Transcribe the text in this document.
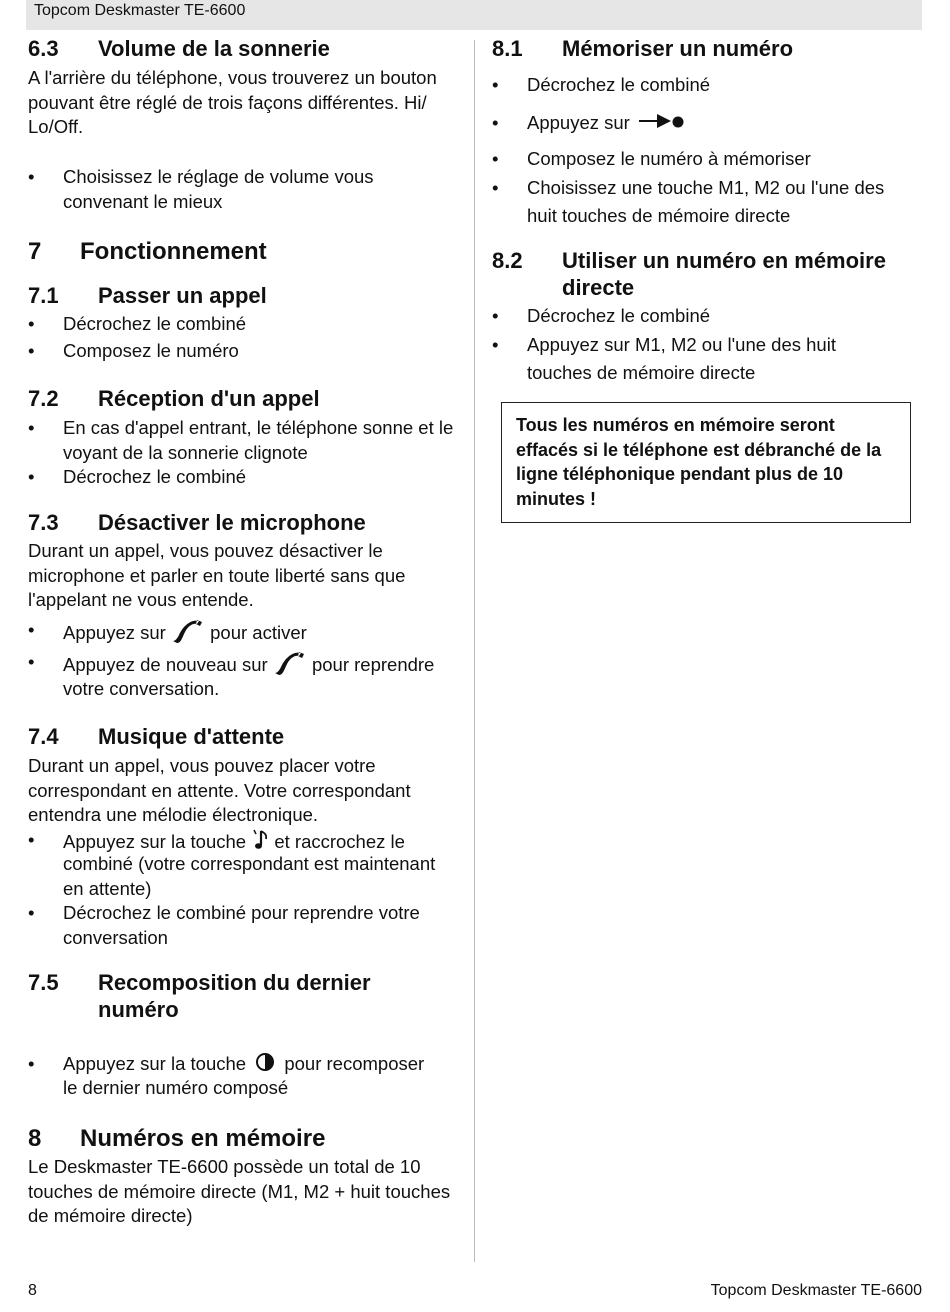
Topcom Deskmaster TE-6600
6.3 Volume de la sonnerie
A l'arrière du téléphone, vous trouverez un bouton pouvant être réglé de trois façons différentes. Hi/ Lo/Off.
• Choisissez le réglage de volume vous convenant le mieux
7 Fonctionnement
7.1 Passer un appel
• Décrochez le combiné
• Composez le numéro
7.2 Réception d'un appel
• En cas d'appel entrant, le téléphone sonne et le voyant de la sonnerie clignote
• Décrochez le combiné
7.3 Désactiver le microphone
Durant un appel, vous pouvez désactiver le microphone et parler en toute liberté sans que l'appelant ne vous entende.
• Appuyez sur pour activer
• Appuyez de nouveau sur pour reprendre
votre conversation.
7.4 Musique d'attente
Durant un appel, vous pouvez placer votre correspondant en attente. Votre correspondant entendra une mélodie électronique.
• Appuyez sur la touche et raccrochez le
combiné (votre correspondant est maintenant en attente)
• Décrochez le combiné pour reprendre votre conversation
7.5 Recomposition du dernier
numéro
• Appuyez sur la touche pour recomposer
le dernier numéro composé
8 Numéros en mémoire
Le Deskmaster TE-6600 possède un total de 10 touches de mémoire directe (M1, M2 + huit touches de mémoire directe)
8.1 Mémoriser un numéro
• Décrochez le combiné
• Appuyez sur
• Composez le numéro à mémoriser
• Choisissez une touche M1, M2 ou l'une des huit touches de mémoire directe
8.2 Utiliser un numéro en mémoire
directe
• Décrochez le combiné
• Appuyez sur M1, M2 ou l'une des huit touches de mémoire directe
Tous les numéros en mémoire seront effacés si le téléphone est débranché de la ligne téléphonique pendant plus de 10 minutes !
8	Topcom Deskmaster TE-6600
